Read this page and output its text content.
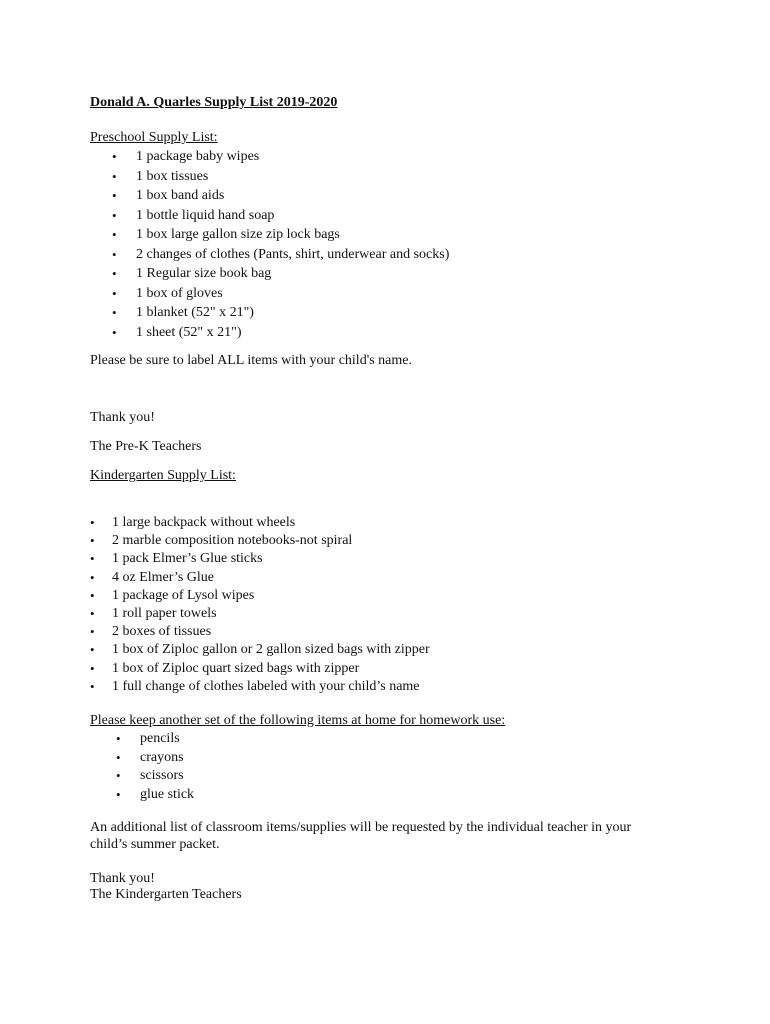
Donald A. Quarles Supply List 2019-2020
Preschool Supply List:
• 1 package baby wipes
• 1 box tissues
• 1 box band aids
• 1 bottle liquid hand soap
• 1 box large gallon size zip lock bags
• 2 changes of clothes (Pants, shirt, underwear and socks)
• 1 Regular size book bag
• 1 box of gloves
• 1 blanket (52" x 21")
• 1 sheet (52" x 21")
Please be sure to label ALL items with your child's name.
Thank you!
The Pre-K Teachers
Kindergarten Supply List:
• 1 large backpack without wheels
• 2 marble composition notebooks-not spiral
• 1 pack Elmer’s Glue sticks
• 4 oz Elmer’s Glue
• 1 package of Lysol wipes
• 1 roll paper towels
• 2 boxes of tissues
• 1 box of Ziploc gallon or 2 gallon sized bags with zipper
• 1 box of Ziploc quart sized bags with zipper
• 1 full change of clothes labeled with your child’s name
Please keep another set of the following items at home for homework use:
• pencils
• crayons
• scissors
• glue stick
An additional list of classroom items/supplies will be requested by the individual teacher in your
child’s summer packet.
Thank you!
The Kindergarten Teachers
